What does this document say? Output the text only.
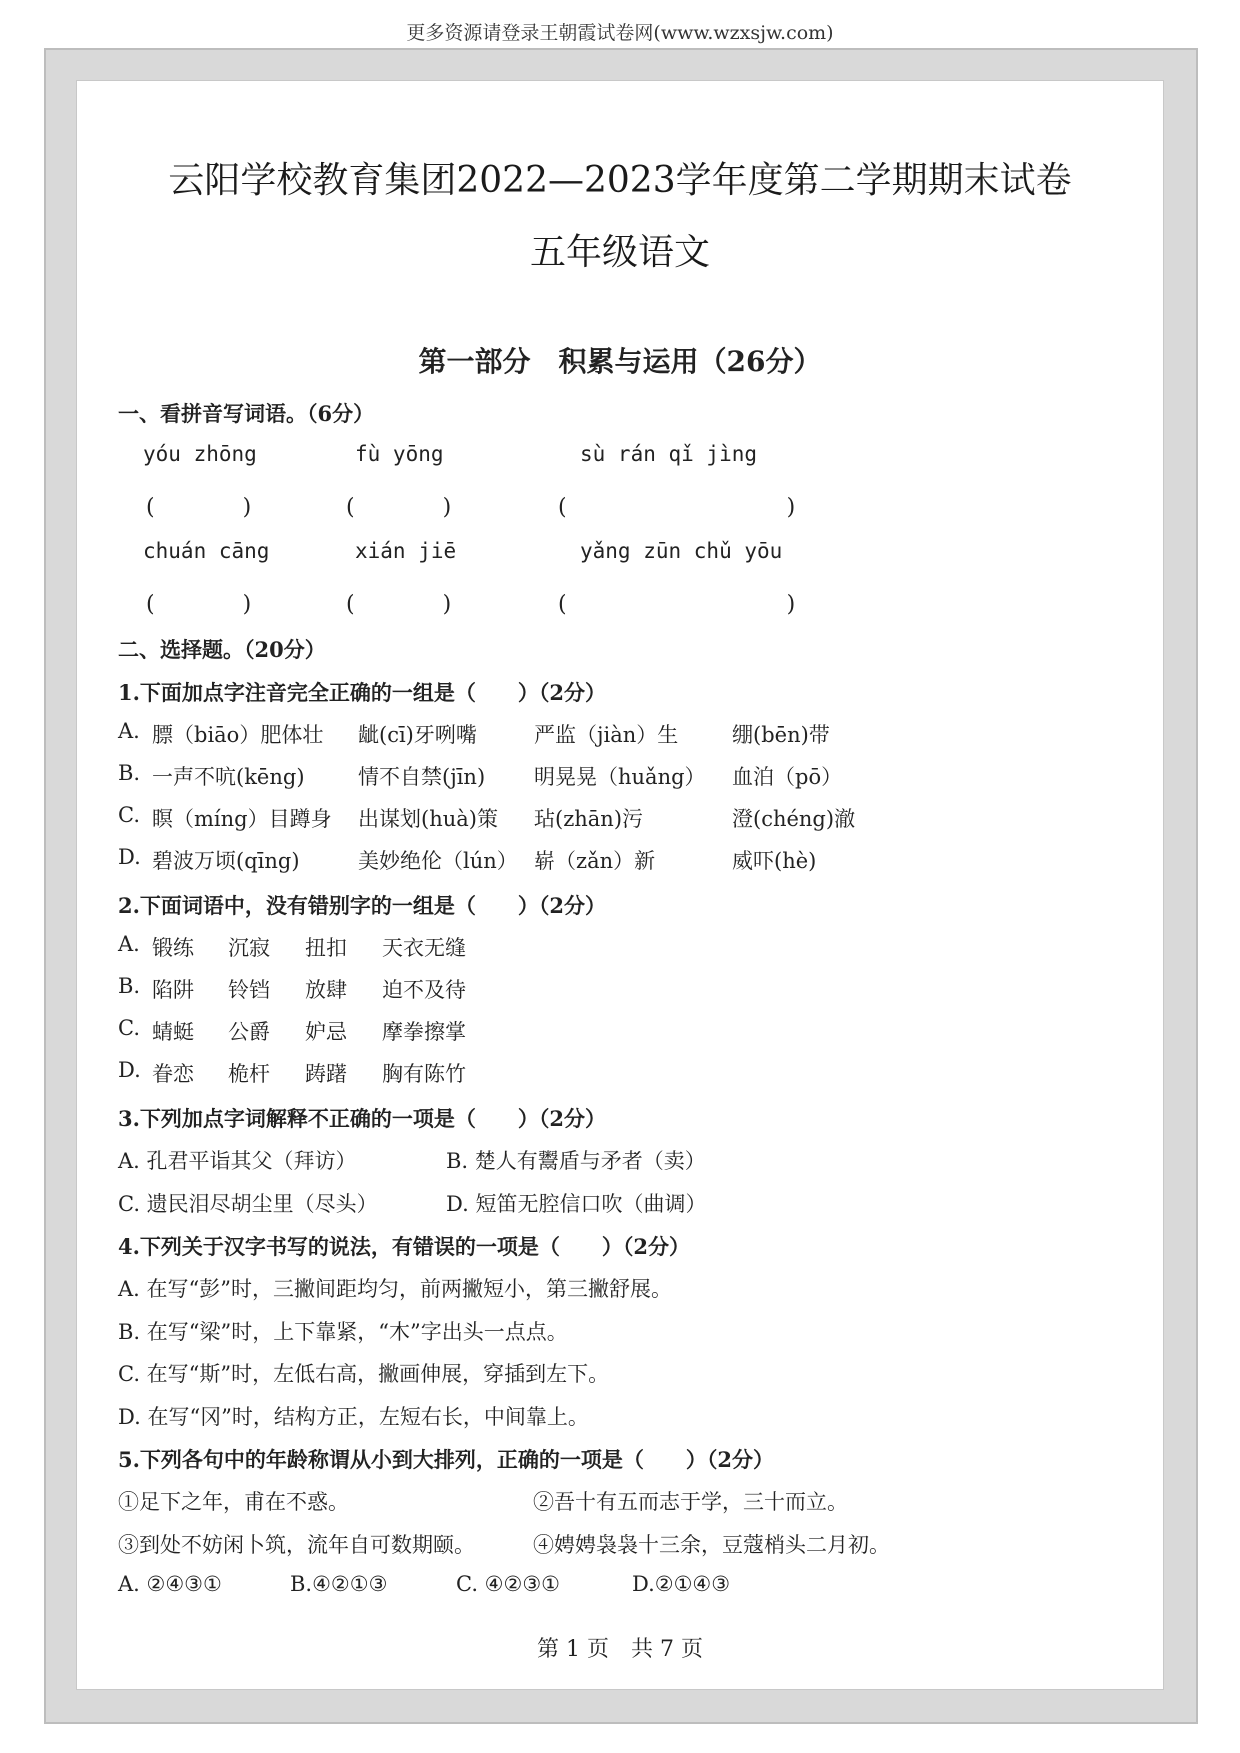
更多资源请登录王朝霞试卷网(www.wzxsjw.com)
云阳学校教育集团2022—2023学年度第二学期期末试卷
五年级语文
第一部分　积累与运用（26分）
一、看拼音写词语。（6分）
yóu zhōng	fù yōng	sù rán qǐ jìng
(　　　　)	(　　　　)	(　　　　　　　　　　)
chuán cāng	xián jiē	yǎng zūn chǔ yōu
(　　　　)	(　　　　)	(　　　　　　　　　　)
二、选择题。（20分）
1.下面加点字注音完全正确的一组是（　　）（2分）
A. 膘（biāo）肥体壮 龇(cī)牙咧嘴	严监（jiàn）生	绷(bēn)带
B. 一声不吭(kēng)	情不自禁(jīn) 明晃晃（huǎng） 血泊（pō）
C. 瞑（míng）目蹲身 出谋划(huà)策 玷(zhān)污	澄(chéng)澈
D. 碧波万顷(qīng)	美妙绝伦（lún） 崭（zǎn）新	威吓(hè)
2.下面词语中，没有错别字的一组是（　　）（2分）
A. 锻练 沉寂 扭扣 天衣无缝
B. 陷阱 铃铛 放肆 迫不及待
C. 蜻蜓 公爵 妒忌 摩拳擦掌
D. 眷恋 桅杆 踌躇 胸有陈竹
3.下列加点字词解释不正确的一项是（　　）（2分）
A. 孔君平诣其父（拜访）	B. 楚人有鬻盾与矛者（卖）
C. 遗民泪尽胡尘里（尽头）	D. 短笛无腔信口吹（曲调）
4.下列关于汉字书写的说法，有错误的一项是（　　）（2分）
A. 在写“彭”时，三撇间距均匀，前两撇短小，第三撇舒展。
B. 在写“梁”时，上下靠紧，“木”字出头一点点。
C. 在写“斯”时，左低右高，撇画伸展，穿插到左下。
D. 在写“冈”时，结构方正，左短右长，中间靠上。
5.下列各句中的年龄称谓从小到大排列，正确的一项是（　　）（2分）
①足下之年，甫在不惑。	②吾十有五而志于学，三十而立。
③到处不妨闲卜筑，流年自可数期颐。	④娉娉袅袅十三余，豆蔻梢头二月初。
A. ②④③①	B.④②①③	C. ④②③①	D.②①④③
第 1 页　共 7 页
